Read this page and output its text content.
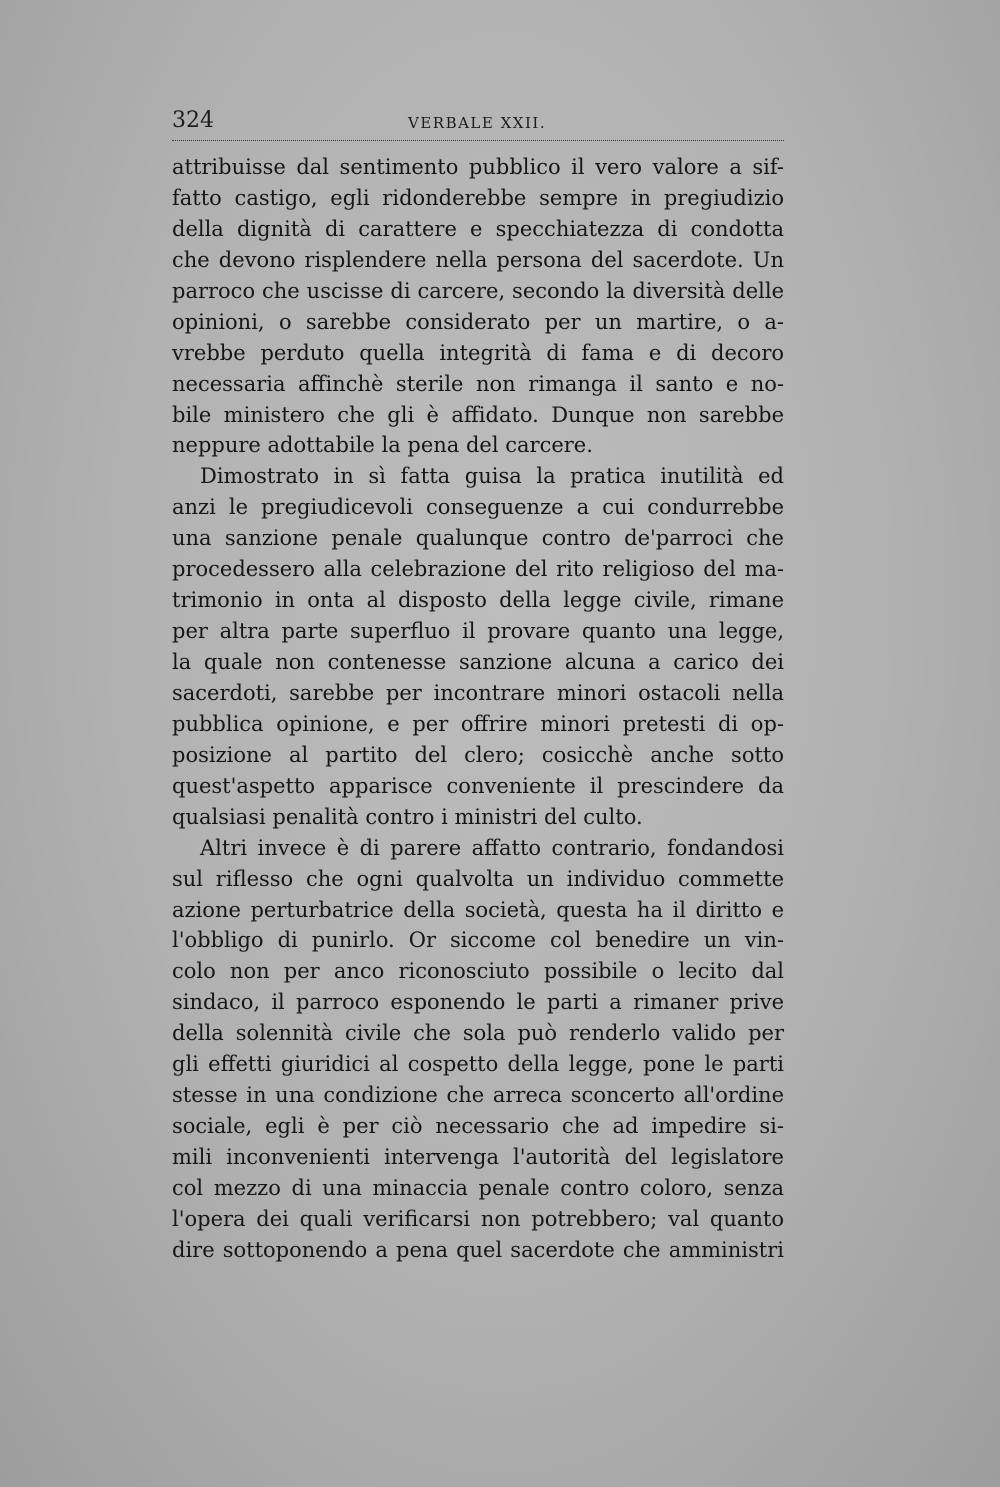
324	VERBALE XXII.
attribuisse dal sentimento pubblico il vero valore a sif-
fatto castigo, egli ridonderebbe sempre in pregiudizio
della dignità di carattere e specchiatezza di condotta
che devono risplendere nella persona del sacerdote. Un
parroco che uscisse di carcere, secondo la diversità delle
opinioni, o sarebbe considerato per un martire, o a-
vrebbe perduto quella integrità di fama e di decoro
necessaria affinchè sterile non rimanga il santo e no-
bile ministero che gli è affidato. Dunque non sarebbe
neppure adottabile la pena del carcere.
Dimostrato in sì fatta guisa la pratica inutilità ed
anzi le pregiudicevoli conseguenze a cui condurrebbe
una sanzione penale qualunque contro de'parroci che
procedessero alla celebrazione del rito religioso del ma-
trimonio in onta al disposto della legge civile, rimane
per altra parte superfluo il provare quanto una legge,
la quale non contenesse sanzione alcuna a carico dei
sacerdoti, sarebbe per incontrare minori ostacoli nella
pubblica opinione, e per offrire minori pretesti di op-
posizione al partito del clero; cosicchè anche sotto
quest'aspetto apparisce conveniente il prescindere da
qualsiasi penalità contro i ministri del culto.
Altri invece è di parere affatto contrario, fondandosi
sul riflesso che ogni qualvolta un individuo commette
azione perturbatrice della società, questa ha il diritto e
l'obbligo di punirlo. Or siccome col benedire un vin-
colo non per anco riconosciuto possibile o lecito dal
sindaco, il parroco esponendo le parti a rimaner prive
della solennità civile che sola può renderlo valido per
gli effetti giuridici al cospetto della legge, pone le parti
stesse in una condizione che arreca sconcerto all'ordine
sociale, egli è per ciò necessario che ad impedire si-
mili inconvenienti intervenga l'autorità del legislatore
col mezzo di una minaccia penale contro coloro, senza
l'opera dei quali verificarsi non potrebbero; val quanto
dire sottoponendo a pena quel sacerdote che amministri
